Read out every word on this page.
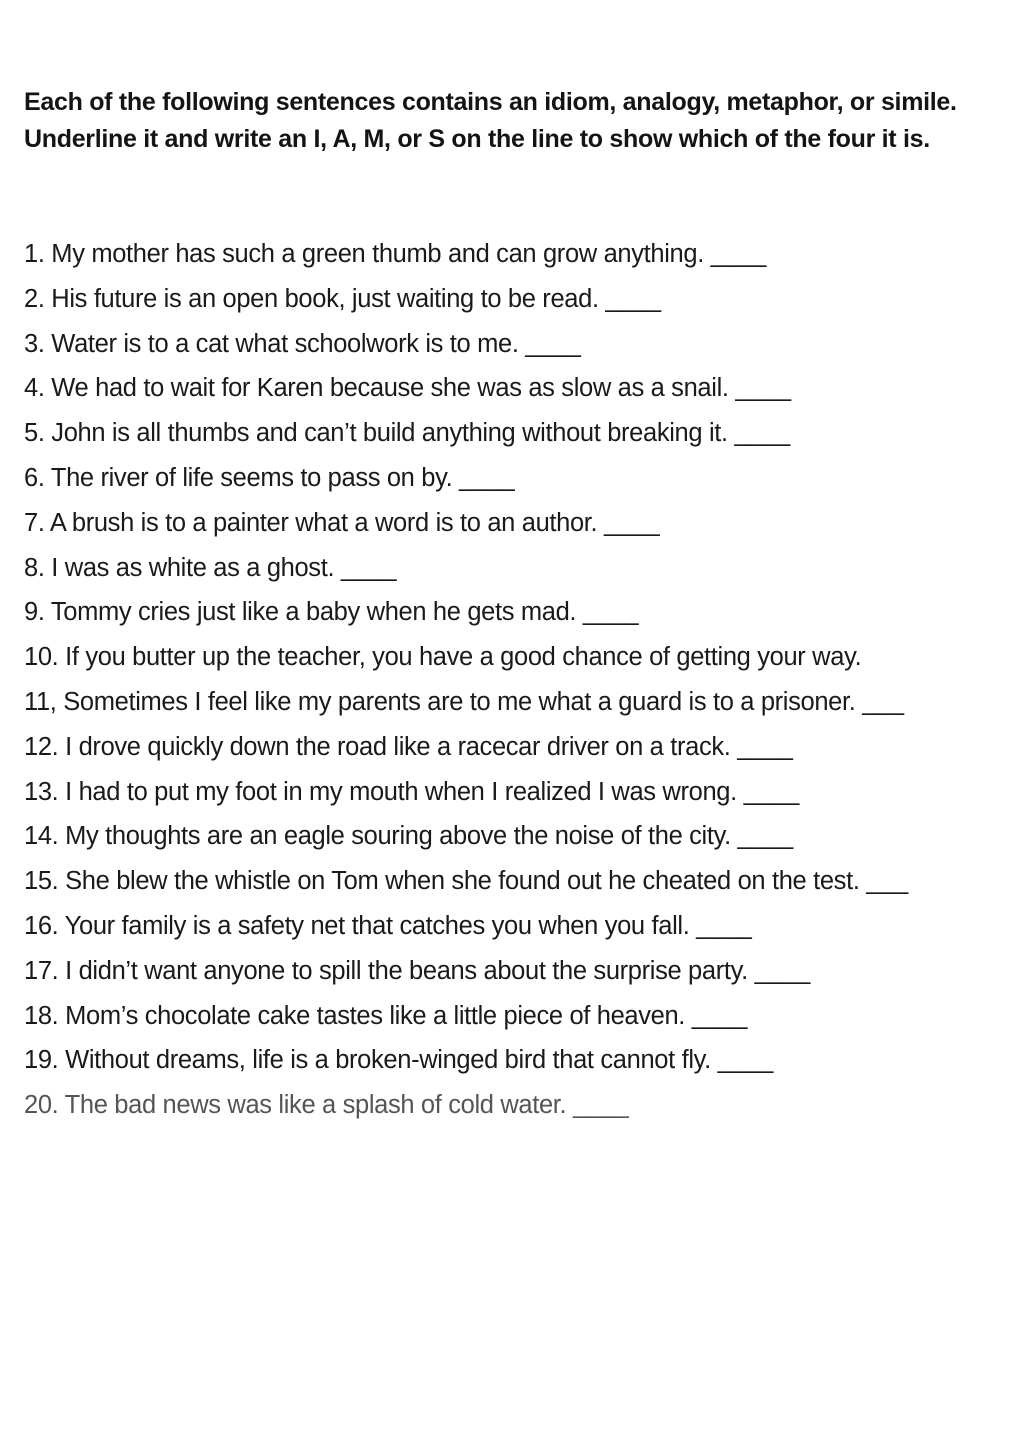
Each of the following sentences contains an idiom, analogy, metaphor, or simile. Underline it and write an I, A, M, or S on the line to show which of the four it is.

1. My mother has such a green thumb and can grow anything. ____
2. His future is an open book, just waiting to be read. ____
3. Water is to a cat what schoolwork is to me. ____
4. We had to wait for Karen because she was as slow as a snail. ____
5. John is all thumbs and can’t build anything without breaking it. ____
6. The river of life seems to pass on by. ____
7. A brush is to a painter what a word is to an author. ____
8. I was as white as a ghost. ____
9. Tommy cries just like a baby when he gets mad. ____
10. If you butter up the teacher, you have a good chance of getting your way.
11, Sometimes I feel like my parents are to me what a guard is to a prisoner. ___
12. I drove quickly down the road like a racecar driver on a track. ____
13. I had to put my foot in my mouth when I realized I was wrong. ____
14. My thoughts are an eagle souring above the noise of the city. ____
15. She blew the whistle on Tom when she found out he cheated on the test. ___
16. Your family is a safety net that catches you when you fall. ____
17. I didn’t want anyone to spill the beans about the surprise party. ____
18. Mom’s chocolate cake tastes like a little piece of heaven. ____
19. Without dreams, life is a broken-winged bird that cannot fly. ____
20. The bad news was like a splash of cold water. ____
